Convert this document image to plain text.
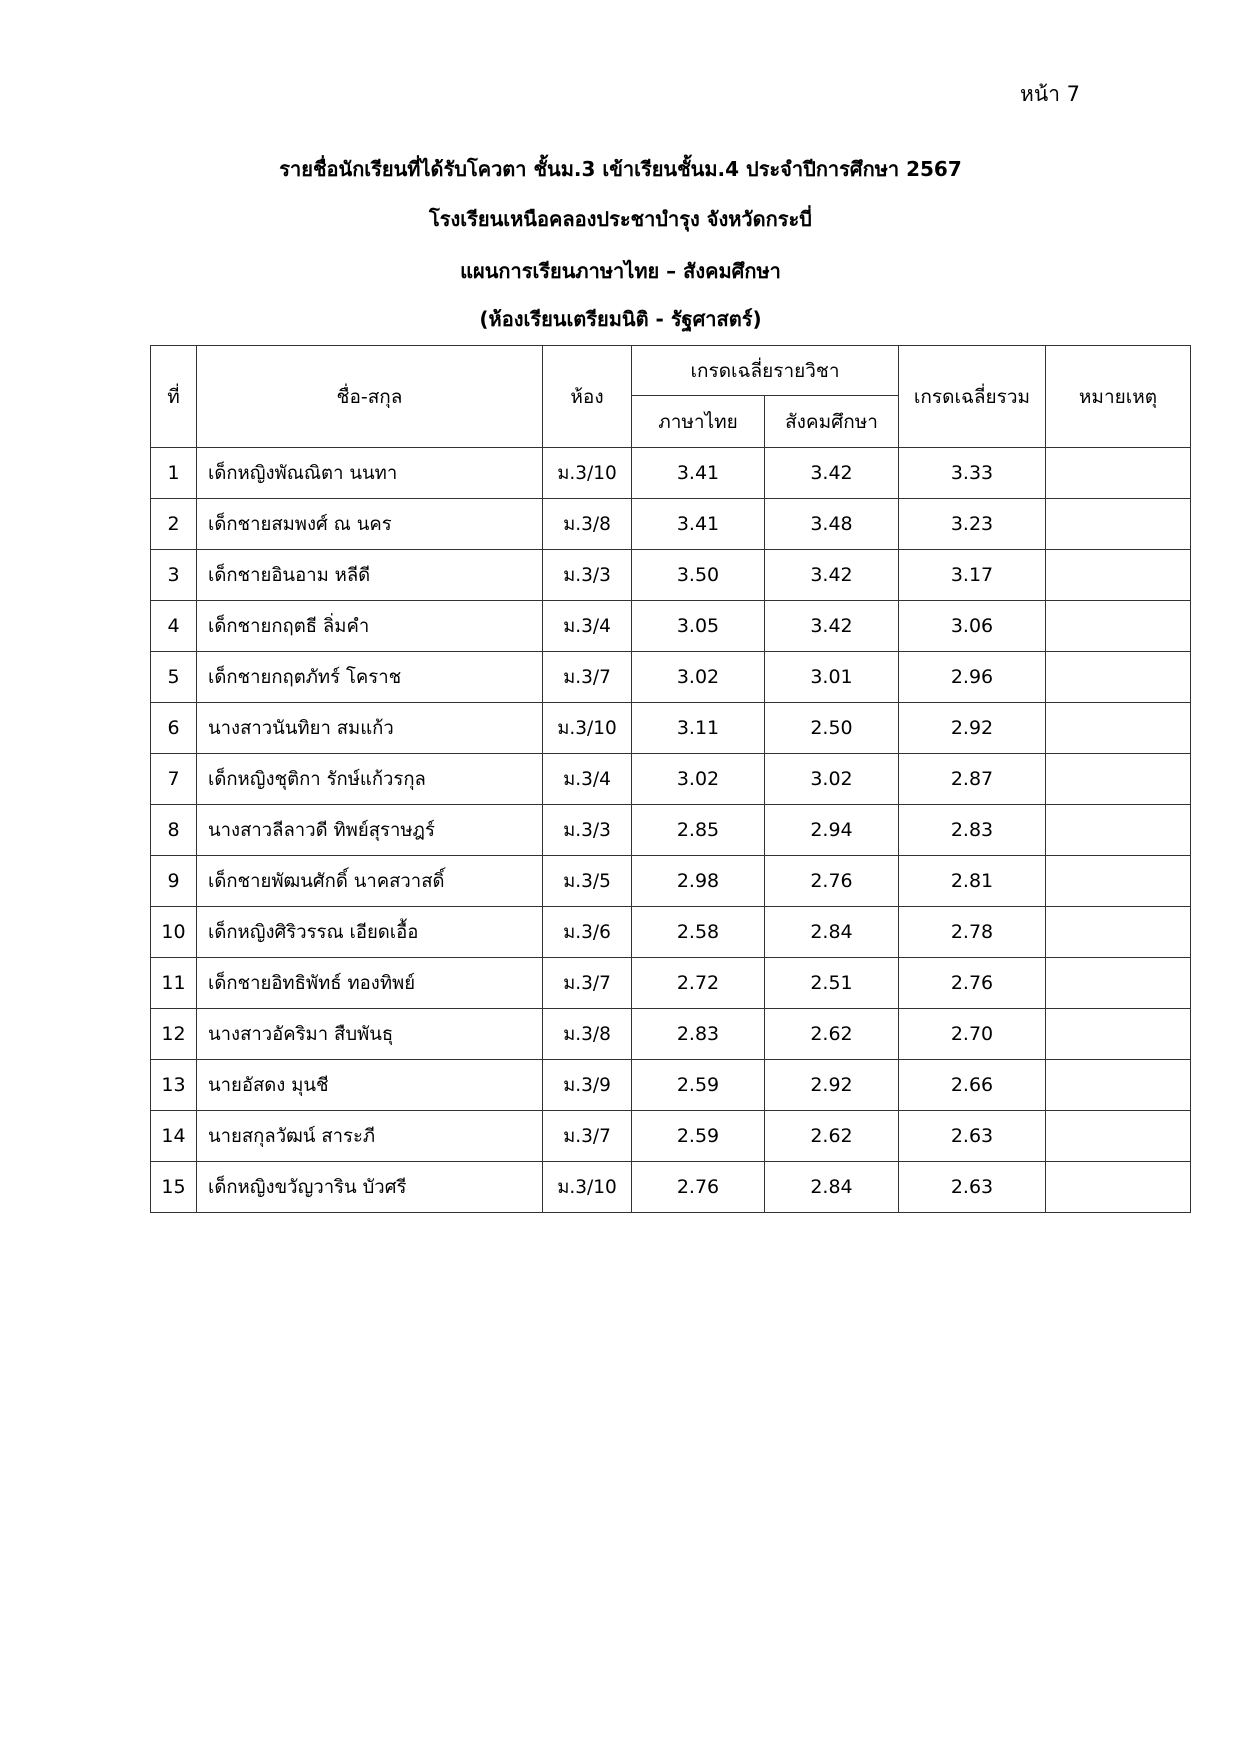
หน้า 7
รายชื่อนักเรียนที่ได้รับโควตา ชั้นม.3 เข้าเรียนชั้นม.4 ประจำปีการศึกษา 2567
โรงเรียนเหนือคลองประชาบำรุง จังหวัดกระบี่
แผนการเรียนภาษาไทย – สังคมศึกษา
(ห้องเรียนเตรียมนิติ - รัฐศาสตร์)
ที่	ชื่อ-สกุล	ห้อง	เกรดเฉลี่ยรายวิชา		เกรดเฉลี่ยรวม	หมายเหตุ
			ภาษาไทย	สังคมศึกษา		
1	เด็กหญิงพัณณิตา นนทา	ม.3/10	3.41	3.42	3.33	
2	เด็กชายสมพงศ์ ณ นคร	ม.3/8	3.41	3.48	3.23	
3	เด็กชายอินอาม หลีดี	ม.3/3	3.50	3.42	3.17	
4	เด็กชายกฤตธี ลิ่มคำ	ม.3/4	3.05	3.42	3.06	
5	เด็กชายกฤตภัทร์ โคราช	ม.3/7	3.02	3.01	2.96	
6	นางสาวนันทิยา สมแก้ว	ม.3/10	3.11	2.50	2.92	
7	เด็กหญิงชุติกา รักษ์แก้วรกุล	ม.3/4	3.02	3.02	2.87	
8	นางสาวลีลาวดี ทิพย์สุราษฎร์	ม.3/3	2.85	2.94	2.83	
9	เด็กชายพัฒนศักดิ์ นาคสวาสดิ์	ม.3/5	2.98	2.76	2.81	
10	เด็กหญิงศิริวรรณ เอียดเอื้อ	ม.3/6	2.58	2.84	2.78	
11	เด็กชายอิทธิพัทธ์ ทองทิพย์	ม.3/7	2.72	2.51	2.76	
12	นางสาวอัคริมา สืบพันธุ	ม.3/8	2.83	2.62	2.70	
13	นายอัสดง มุนชี	ม.3/9	2.59	2.92	2.66	
14	นายสกุลวัฒน์ สาระภี	ม.3/7	2.59	2.62	2.63	
15	เด็กหญิงขวัญวาริน บัวศรี	ม.3/10	2.76	2.84	2.63	
